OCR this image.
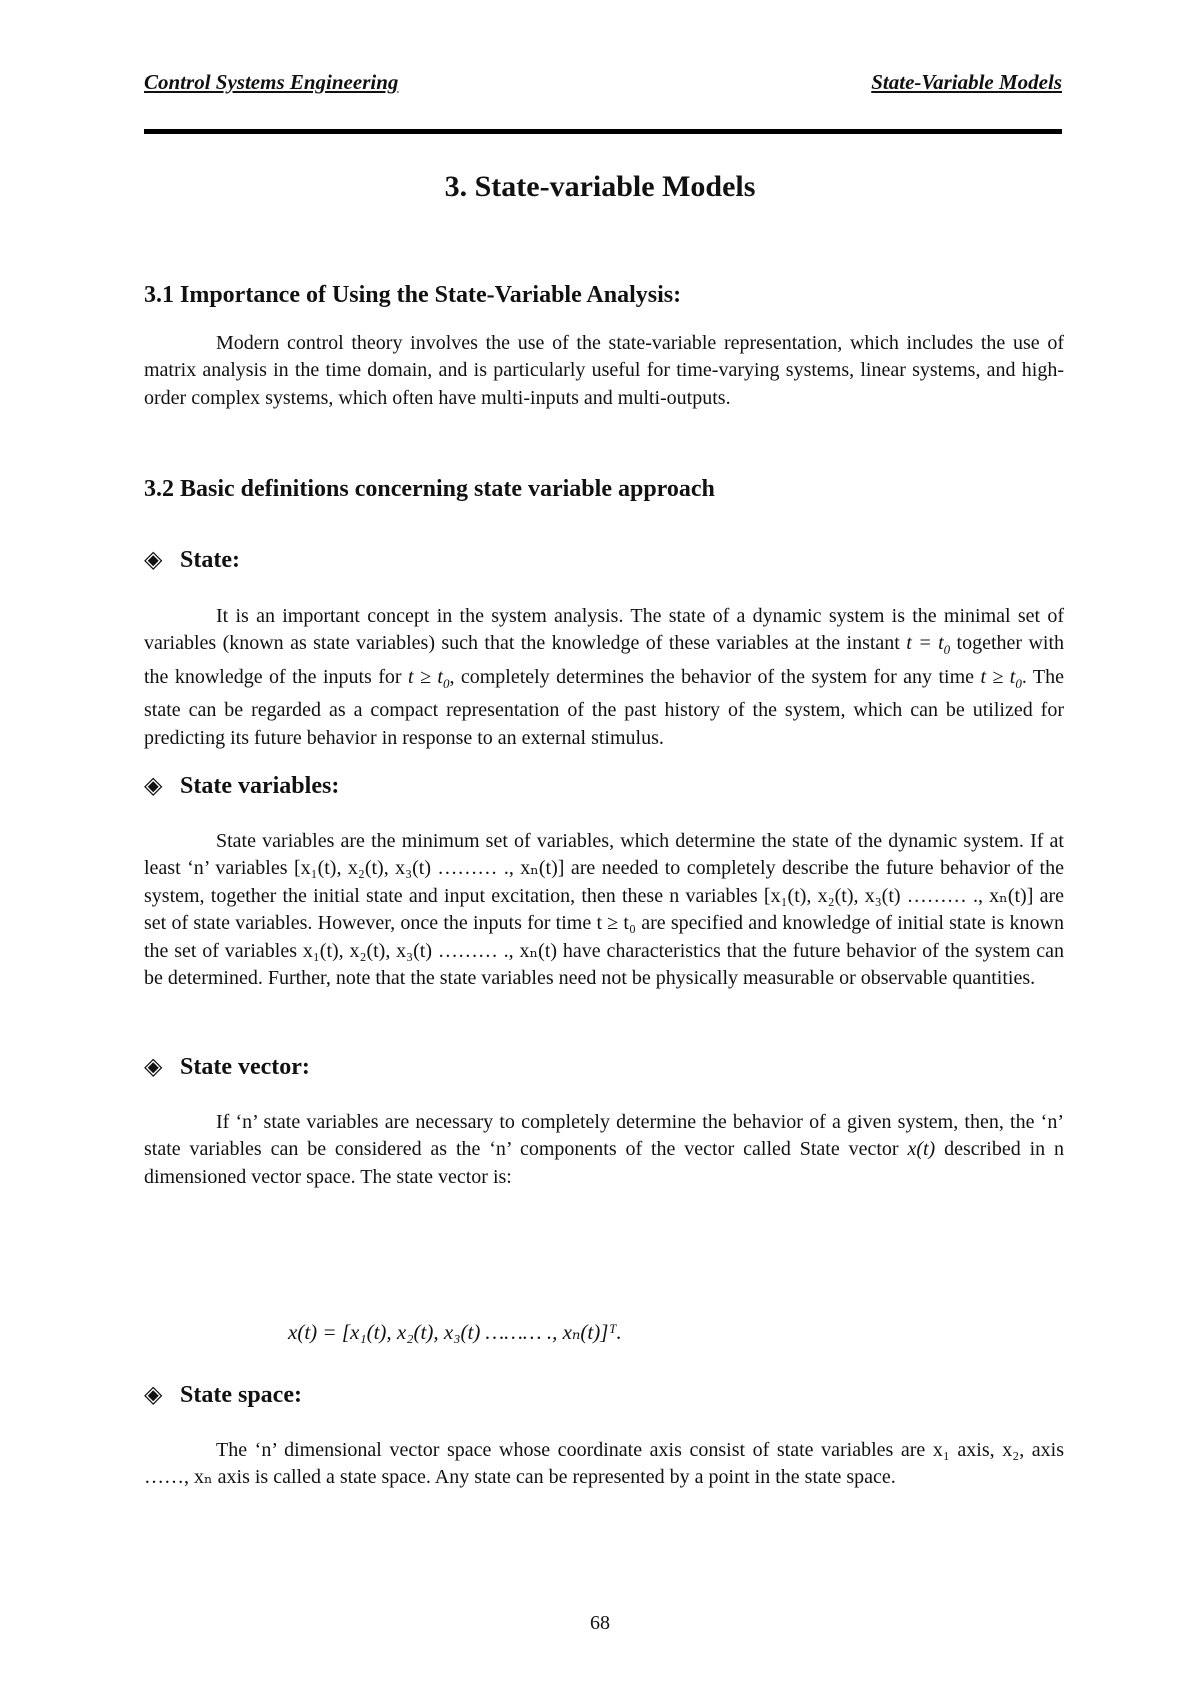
Control Systems Engineering	State-Variable Models
3. State-variable Models
3.1 Importance of Using the State-Variable Analysis:
Modern control theory involves the use of the state-variable representation, which includes the use of matrix analysis in the time domain, and is particularly useful for time-varying systems, linear systems, and high-order complex systems, which often have multi-inputs and multi-outputs.
3.2 Basic definitions concerning state variable approach
◈ State:
It is an important concept in the system analysis. The state of a dynamic system is the minimal set of variables (known as state variables) such that the knowledge of these variables at the instant $t = t_0$ together with the knowledge of the inputs for $t \ge t_0$, completely determines the behavior of the system for any time $t \ge t_0$. The state can be regarded as a compact representation of the past history of the system, which can be utilized for predicting its future behavior in response to an external stimulus.
◈ State variables:
State variables are the minimum set of variables, which determine the state of the dynamic system. If at least ‘n’ variables [x₁(t), x₂(t), x₃(t) ……… ., xₙ(t)] are needed to completely describe the future behavior of the system, together the initial state and input excitation, then these n variables [x₁(t), x₂(t), x₃(t) ……… ., xₙ(t)] are set of state variables. However, once the inputs for time t ≥ t₀ are specified and knowledge of initial state is known the set of variables x₁(t), x₂(t), x₃(t) ……… ., xₙ(t) have characteristics that the future behavior of the system can be determined. Further, note that the state variables need not be physically measurable or observable quantities.
◈ State vector:
If ‘n’ state variables are necessary to completely determine the behavior of a given system, then, the ‘n’ state variables can be considered as the ‘n’ components of the vector called State vector x(t) described in n dimensioned vector space. The state vector is:
x(t) = [x₁(t), x₂(t), x₃(t) ……… ., xₙ(t)]ᵀ.
◈ State space:
The ‘n’ dimensional vector space whose coordinate axis consist of state variables are x₁ axis, x₂, axis ……, xₙ axis is called a state space. Any state can be represented by a point in the state space.
68
